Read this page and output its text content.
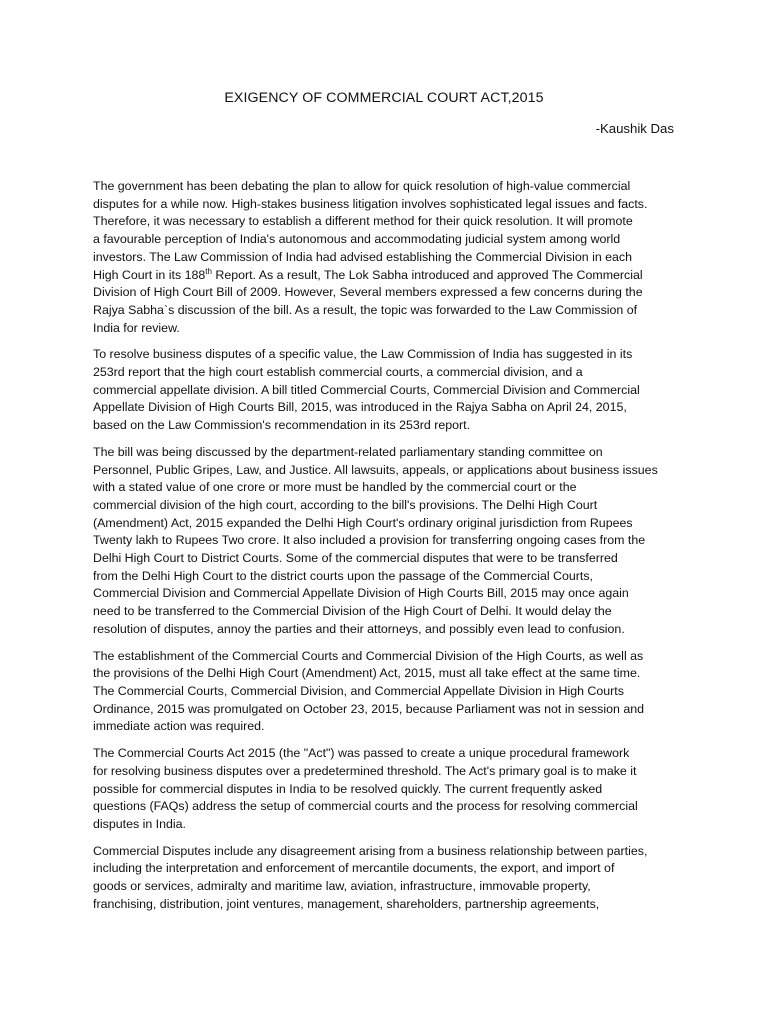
EXIGENCY OF COMMERCIAL COURT ACT,2015
-Kaushik Das
The government has been debating the plan to allow for quick resolution of high-value commercial
disputes for a while now. High-stakes business litigation involves sophisticated legal issues and facts.
Therefore, it was necessary to establish a different method for their quick resolution. It will promote
a favourable perception of India's autonomous and accommodating judicial system among world
investors. The Law Commission of India had advised establishing the Commercial Division in each
High Court in its 188th Report. As a result, The Lok Sabha introduced and approved The Commercial
Division of High Court Bill of 2009. However, Several members expressed a few concerns during the
Rajya Sabha`s discussion of the bill. As a result, the topic was forwarded to the Law Commission of
India for review.
To resolve business disputes of a specific value, the Law Commission of India has suggested in its
253rd report that the high court establish commercial courts, a commercial division, and a
commercial appellate division. A bill titled Commercial Courts, Commercial Division and Commercial
Appellate Division of High Courts Bill, 2015, was introduced in the Rajya Sabha on April 24, 2015,
based on the Law Commission's recommendation in its 253rd report.
The bill was being discussed by the department-related parliamentary standing committee on
Personnel, Public Gripes, Law, and Justice. All lawsuits, appeals, or applications about business issues
with a stated value of one crore or more must be handled by the commercial court or the
commercial division of the high court, according to the bill's provisions. The Delhi High Court
(Amendment) Act, 2015 expanded the Delhi High Court's ordinary original jurisdiction from Rupees
Twenty lakh to Rupees Two crore. It also included a provision for transferring ongoing cases from the
Delhi High Court to District Courts. Some of the commercial disputes that were to be transferred
from the Delhi High Court to the district courts upon the passage of the Commercial Courts,
Commercial Division and Commercial Appellate Division of High Courts Bill, 2015 may once again
need to be transferred to the Commercial Division of the High Court of Delhi. It would delay the
resolution of disputes, annoy the parties and their attorneys, and possibly even lead to confusion.
The establishment of the Commercial Courts and Commercial Division of the High Courts, as well as
the provisions of the Delhi High Court (Amendment) Act, 2015, must all take effect at the same time.
The Commercial Courts, Commercial Division, and Commercial Appellate Division in High Courts
Ordinance, 2015 was promulgated on October 23, 2015, because Parliament was not in session and
immediate action was required.
The Commercial Courts Act 2015 (the "Act") was passed to create a unique procedural framework
for resolving business disputes over a predetermined threshold. The Act's primary goal is to make it
possible for commercial disputes in India to be resolved quickly. The current frequently asked
questions (FAQs) address the setup of commercial courts and the process for resolving commercial
disputes in India.
Commercial Disputes include any disagreement arising from a business relationship between parties,
including the interpretation and enforcement of mercantile documents, the export, and import of
goods or services, admiralty and maritime law, aviation, infrastructure, immovable property,
franchising, distribution, joint ventures, management, shareholders, partnership agreements,
